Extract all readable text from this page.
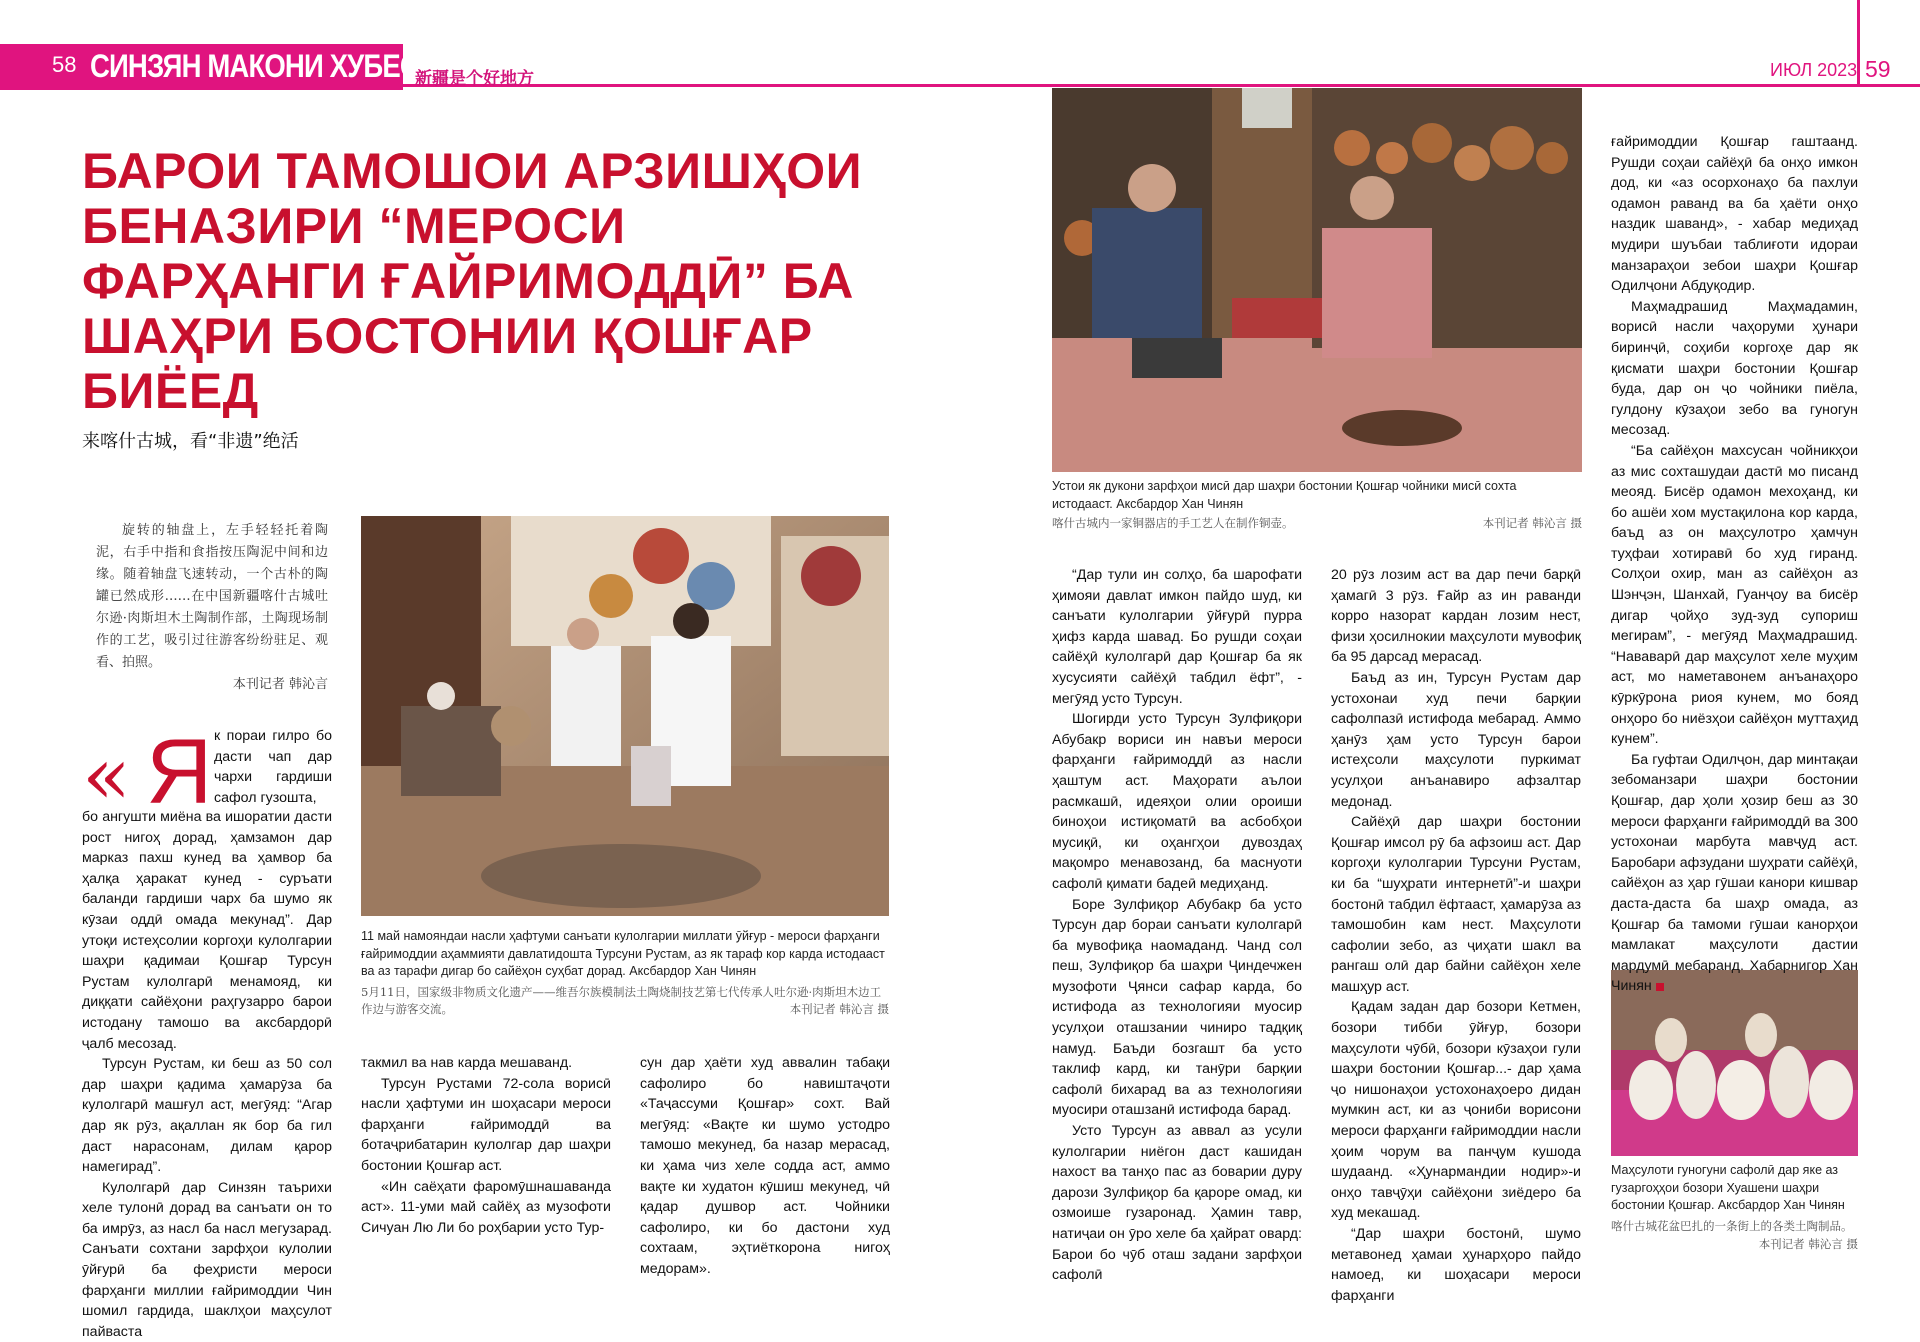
58 СИНЗЯН МАКОНИ ХУБЕСТ
新疆是个好地方	ИЮЛ 2023 59
БАРОИ ТАМОШОИ АРЗИШҲОИ БЕНАЗИРИ “МЕРОСИ ФАРҲАНГИ ҒАЙРИМОДДӢ” БА ШАҲРИ БОСТОНИИ ҚОШҒАР БИЁЕД
来喀什古城，看“非遗”绝活
旋转的轴盘上，左手轻轻托着陶泥，右手中指和食指按压陶泥中间和边缘。随着轴盘飞速转动，一个古朴的陶罐已然成形……在中国新疆喀什古城吐尔逊·肉斯坦木土陶制作部，土陶现场制作的工艺，吸引过往游客纷纷驻足、观看、拍照。
本刊记者 韩沁言
11 май намояндаи насли ҳафтуми санъати кулолгарии миллати ӯйғур - мероси фарҳанги ғайримоддии аҳаммияти давлатидошта Турсуни Рустам, аз як тараф кор карда истодааст ва аз тарафи дигар бо сайёҳон суҳбат дорад. Аксбардор Хан Чинян
5月11日，国家级非物质文化遗产——维吾尔族模制法土陶烧制技艺第七代传承人吐尔逊·肉斯坦木边工作边与游客交流。	本刊记者 韩沁言 摄
Устои як дукони зарфҳои мисӣ дар шаҳри бостонии Қошғар чойники мисӣ сохта истодааст. Аксбардор Хан Чинян
喀什古城内一家铜器店的手工艺人在制作铜壶。	本刊记者 韩沁言 摄
Маҳсулоти гуногуни сафолӣ дар яке аз гузаргоҳҳои бозори Хуашени шаҳри бостонии Қошғар. Аксбардор Хан Чинян
喀什古城花盆巴扎的一条街上的各类土陶制品。
本刊记者 韩沁言 摄
« Я к пораи гилро бо дасти чап дар чархи гардиши сафол гузошта,

бо ангушти миёна ва ишоратии дасти рост нигоҳ дорад, ҳамзамон дар марказ пахш кунед ва ҳамвор ба ҳалқа ҳаракат кунед - суръати баланди гардиши чарх ба шумо як кӯзаи оддӣ омада мекунад”. Дар утоқи истеҳсолии коргоҳи кулолгарии шаҳри қадимаи Қошғар Турсун Рустам кулолгарӣ менамояд, ки диққати сайёҳони раҳгузарро барои истодану тамошо ва аксбардорӣ ҷалб месозад.

Турсун Рустам, ки беш аз 50 сол дар шаҳри қадима ҳамарӯза ба кулолгарӣ машғул аст, мегӯяд: “Агар дар як рӯз, ақаллан як бор ба гил даст нарасонам, дилам қарор намегирад”.

Кулолгарӣ дар Синзян таърихи хеле тулонӣ дорад ва санъати он то ба имрӯз, аз насл ба насл мегузарад. Санъати сохтани зарфҳои кулолии ӯйғурӣ ба феҳристи мероси фарҳанги миллии ғайримоддии Чин шомил гардида, шаклҳои маҳсулот пайваста

такмил ва нав карда мешаванд.

Турсун Рустами 72-сола ворисӣ насли ҳафтуми ин шоҳасари мероси фарҳанги ғайримоддӣ ва ботаҷрибатарин кулолгар дар шаҳри бостонии Қошғар аст.

«Ин саёҳати фаромӯшнашаванда аст». 11-уми май сайёҳ аз музофоти Сичуан Лю Ли бо роҳбарии усто Тур-

сун дар ҳаёти худ аввалин табақи сафолиро бо навиштаҷоти «Таҷассуми Қошғар» сохт. Вай мегӯяд: «Вақте ки шумо устодро тамошо мекунед, ба назар мерасад, ки ҳама чиз хеле содда аст, аммо вақте ки худатон кӯшиш мекунед, чӣ қадар душвор аст. Чойники сафолиро, ки бо дастони худ сохтаам, эҳтиёткорона нигоҳ медорам».

“Дар тули ин солҳо, ба шарофати ҳимояи давлат имкон пайдо шуд, ки санъати кулолгарии ӯйғурӣ пурра ҳифз карда шавад. Бо рушди соҳаи сайёҳӣ кулолгарӣ дар Қошғар ба як хусусияти сайёҳӣ табдил ёфт”, - мегӯяд усто Турсун.

Шогирди усто Турсун Зулфиқори Абубакр вориси ин навъи мероси фарҳанги ғайримоддӣ аз насли ҳаштум аст. Маҳорати аълои расмкашӣ, идеяҳои олии ороиши биноҳои истиқоматӣ ва асбобҳои мусиқӣ, ки оҳангҳои дувоздаҳ мақомро менавозанд, ба маснуоти сафолӣ қимати бадеӣ медиҳанд.

Боре Зулфиқор Абубакр ба усто Турсун дар бораи санъати кулолгарӣ ба мувофиқа наомаданд. Чанд сол пеш, Зулфиқор ба шаҳри Ҷиндечжен музофоти Ҷянси сафар карда, бо истифода аз технологияи муосир усулҳои оташзании чиниро тадқиқ намуд. Баъди бозгашт ба усто таклиф кард, ки танӯри барқии сафолӣ бихарад ва аз технологияи муосири оташзанӣ истифода барад.

Усто Турсун аз аввал аз усули кулолгарии ниёгон даст кашидан нахост ва танҳо пас аз боварии дуру дарози Зулфиқор ба қароре омад, ки озмоише гузаронад. Ҳамин тавр, натиҷаи он ӯро хеле ба ҳайрат овард: Барои бо чӯб оташ задани зарфҳои сафолӣ

20 рӯз лозим аст ва дар печи барқӣ ҳамагӣ 3 рӯз. Ғайр аз ин раванди корро назорат кардан лозим нест, физи ҳосилнокии маҳсулоти мувофиқ ба 95 дарсад мерасад.

Баъд аз ин, Турсун Рустам дар устохонаи худ печи барқии сафолпазӣ истифода мебарад. Аммо ҳанӯз ҳам усто Турсун барои истеҳсоли маҳсулоти пуркимат усулҳои анъанавиро афзалтар медонад.

Сайёҳӣ дар шаҳри бостонии Қошғар имсол рӯ ба афзоиш аст. Дар коргоҳи кулолгарии Турсуни Рустам, ки ба “шуҳрати интернетӣ”-и шаҳри бостонӣ табдил ёфтааст, ҳамарӯза аз тамошобин кам нест. Маҳсулоти сафолии зебо, аз ҷиҳати шакл ва рангаш олӣ дар байни сайёҳон хеле машҳур аст.

Қадам задан дар бозори Кетмен, бозори тибби ӯйғур, бозори маҳсулоти чӯбӣ, бозори кӯзаҳои гули шаҳри бостонии Қошғар...- дар ҳама ҷо нишонаҳои устохонаҳоеро дидан мумкин аст, ки аз ҷониби ворисони мероси фарҳанги ғайримоддии насли ҳоим чорум ва панҷум кушода шудаанд. «Ҳунармандии нодир»-и онҳо тавҷӯҳи сайёҳони зиёдеро ба худ мекашад.

“Дар шаҳри бостонӣ, шумо метавонед ҳамаи ҳунарҳоро пайдо намоед, ки шоҳасари мероси фарҳанги

ғайримоддии Қошғар гаштаанд. Рушди соҳаи сайёҳӣ ба онҳо имкон дод, ки «аз осорхонаҳо ба пахлуи одамон раванд ва ба ҳаёти онҳо наздик шаванд», - хабар медиҳад мудири шуъбаи таблиғоти идораи манзараҳои зебои шаҳри Қошғар Одилҷони Абдуқодир.

Маҳмадрашид Маҳмадамин, ворисӣ насли чаҳоруми ҳунари биринҷӣ, соҳиби коргоҳе дар як қисмати шаҳри бостонии Қошғар буда, дар он ҷо чойники пиёла, гулдону кӯзаҳои зебо ва гуногун месозад.

“Ба сайёҳон махсусан чойникҳои аз мис сохташудаи дастӣ мо писанд меояд. Бисёр одамон мехоҳанд, ки бо ашёи хом мустақилона кор карда, баъд аз он маҳсулотро ҳамчун туҳфаи хотиравӣ бо худ гиранд. Солҳои охир, ман аз сайёҳон аз Шэнҷэн, Шанхай, Гуанҷоу ва бисёр дигар ҷойҳо зуд-зуд супориш мегирам”, - мегӯяд Маҳмадрашид. “Нававарӣ дар маҳсулот хеле муҳим аст, мо наметавонем анъанаҳоро кӯркӯрона риоя кунем, мо бояд онҳоро бо ниёзҳои сайёҳон муттаҳид кунем”.

Ба гуфтаи Одилҷон, дар минтақаи зебоманзари шаҳри бостонии Қошғар, дар ҳоли ҳозир беш аз 30 мероси фарҳанги ғайримоддӣ ва 300 устохонаи марбута мавҷуд аст. Баробари афзудани шуҳрати сайёҳӣ, сайёҳон аз ҳар гӯшаи канори кишвар даста-даста ба шаҳр омада, аз Қошғар ба тамоми гӯшаи канорҳои мамлакат маҳсулоти дастии мардумӣ мебаранд. Хабарнигор Хан Чинян
